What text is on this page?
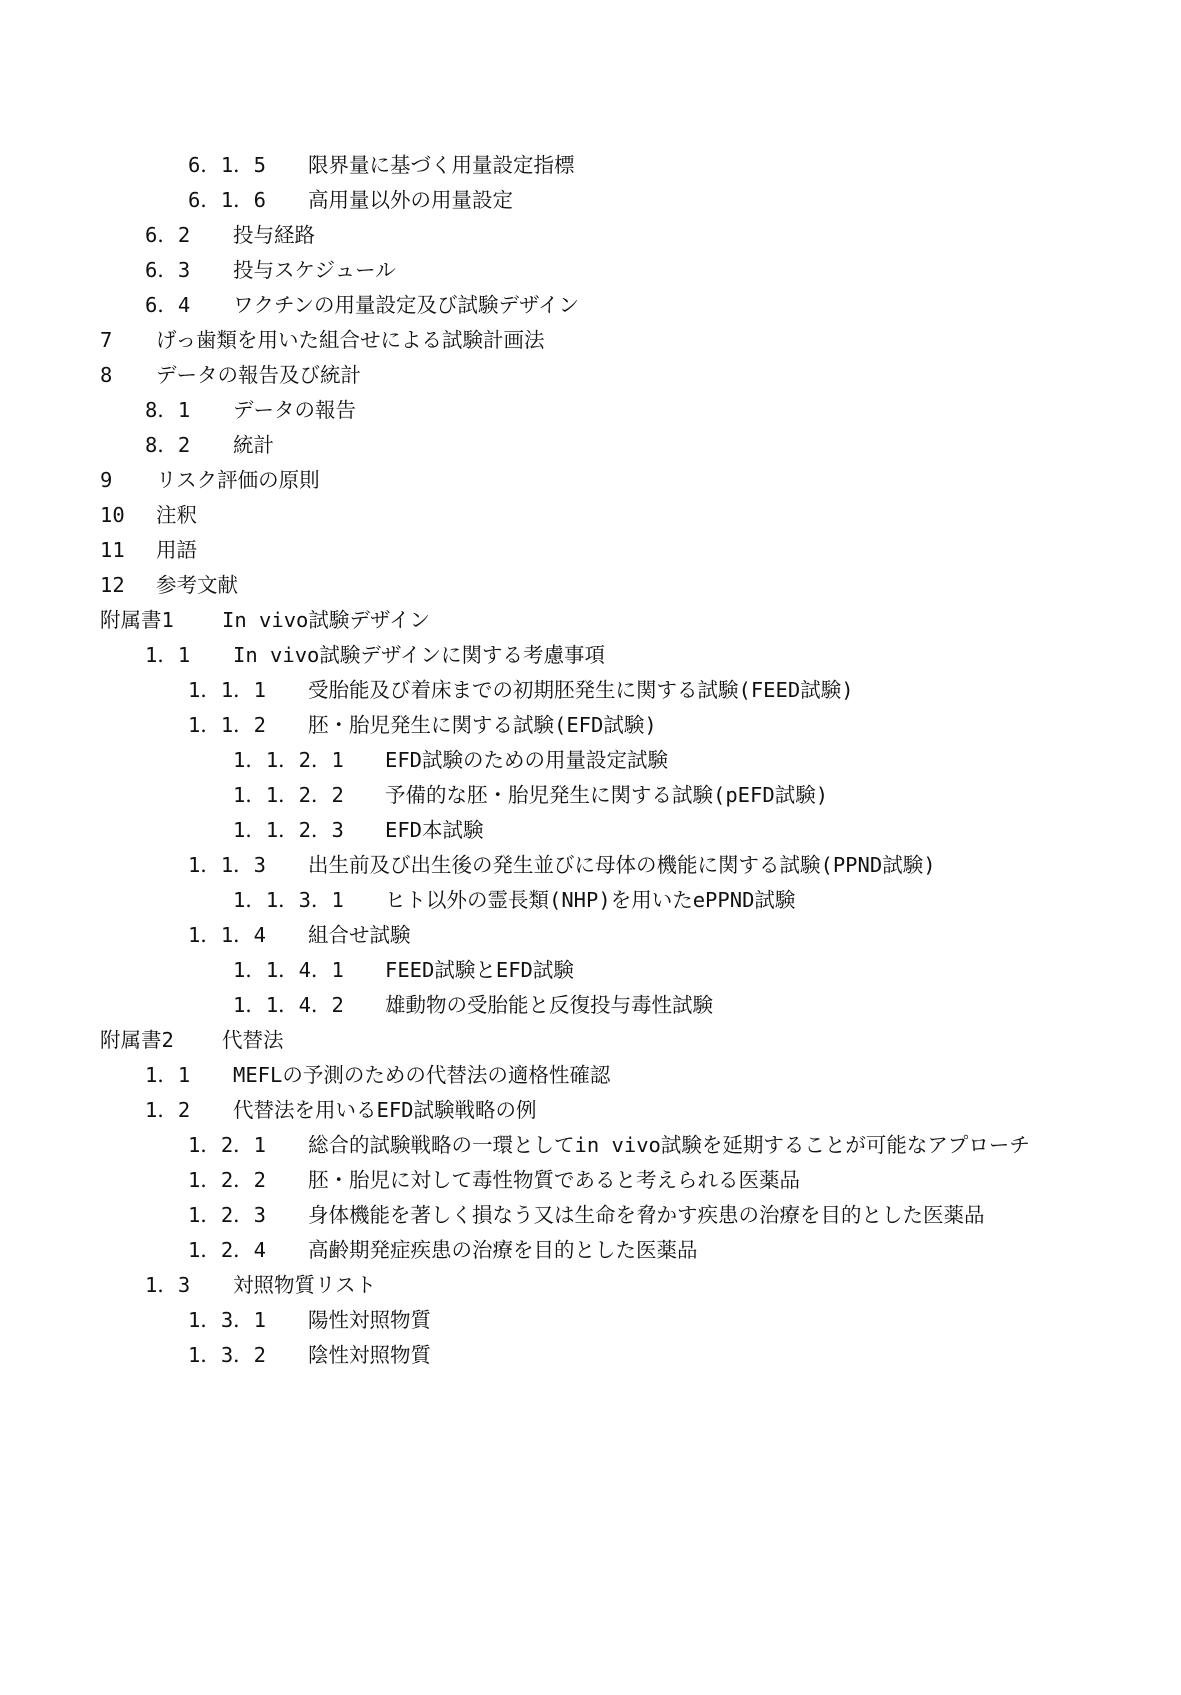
6．1．5 限界量に基づく用量設定指標
6．1．6 高用量以外の用量設定
6．2 投与経路
6．3 投与スケジュール
6．4 ワクチンの用量設定及び試験デザイン
7 げっ歯類を用いた組合せによる試験計画法
8 データの報告及び統計
8．1 データの報告
8．2 統計
9 リスク評価の原則
10 注釈
11 用語
12 参考文献
附属書1 In vivo試験デザイン
1．1 In vivo試験デザインに関する考慮事項
1．1．1 受胎能及び着床までの初期胚発生に関する試験(FEED試験)
1．1．2 胚・胎児発生に関する試験(EFD試験)
1．1．2．1 EFD試験のための用量設定試験
1．1．2．2 予備的な胚・胎児発生に関する試験(pEFD試験)
1．1．2．3 EFD本試験
1．1．3 出生前及び出生後の発生並びに母体の機能に関する試験(PPND試験)
1．1．3．1 ヒト以外の霊長類(NHP)を用いたePPND試験
1．1．4 組合せ試験
1．1．4．1 FEED試験とEFD試験
1．1．4．2 雄動物の受胎能と反復投与毒性試験
附属書2 代替法
1．1 MEFLの予測のための代替法の適格性確認
1．2 代替法を用いるEFD試験戦略の例
1．2．1 総合的試験戦略の一環としてin vivo試験を延期することが可能なアプローチ
1．2．2 胚・胎児に対して毒性物質であると考えられる医薬品
1．2．3 身体機能を著しく損なう又は生命を脅かす疾患の治療を目的とした医薬品
1．2．4 高齢期発症疾患の治療を目的とした医薬品
1．3 対照物質リスト
1．3．1 陽性対照物質
1．3．2 陰性対照物質
